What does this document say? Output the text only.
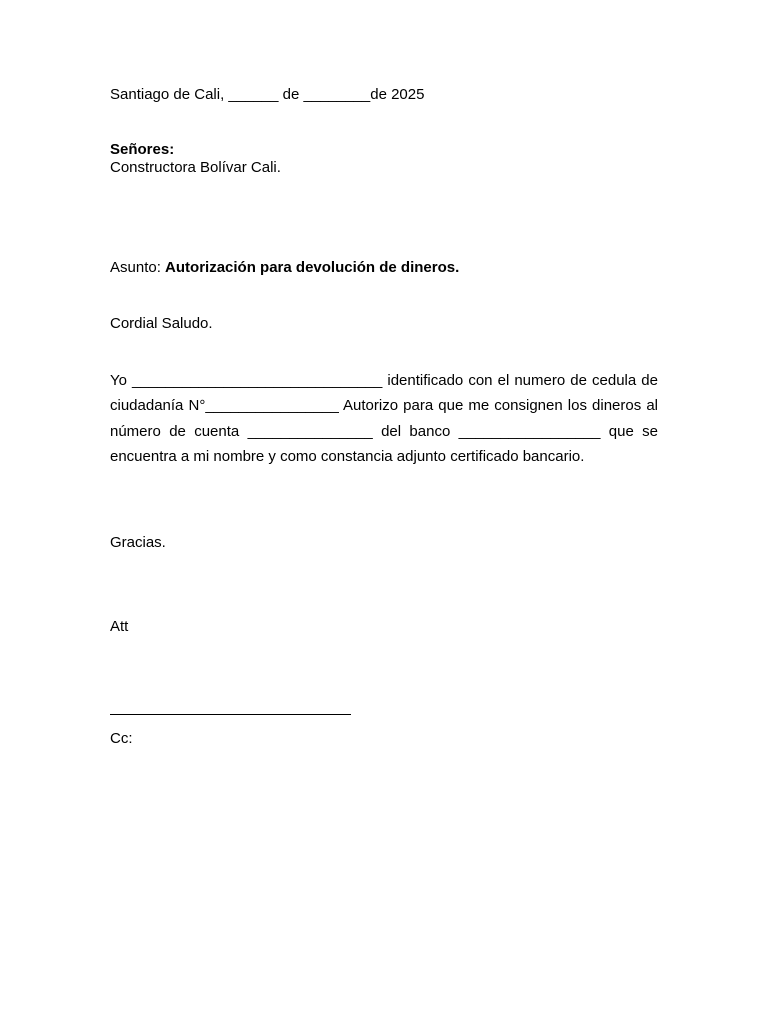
Santiago de Cali, ______ de ________de 2025
Señores:
Constructora Bolívar Cali.
Asunto: Autorización para devolución de dineros.
Cordial Saludo.

Yo ______________________________ identificado con el numero de cedula de ciudadanía N°________________ Autorizo para que me consignen los dineros al número de cuenta _______________ del banco _________________ que se encuentra a mi nombre y como constancia adjunto certificado bancario.

Gracias.
Att
Cc:
